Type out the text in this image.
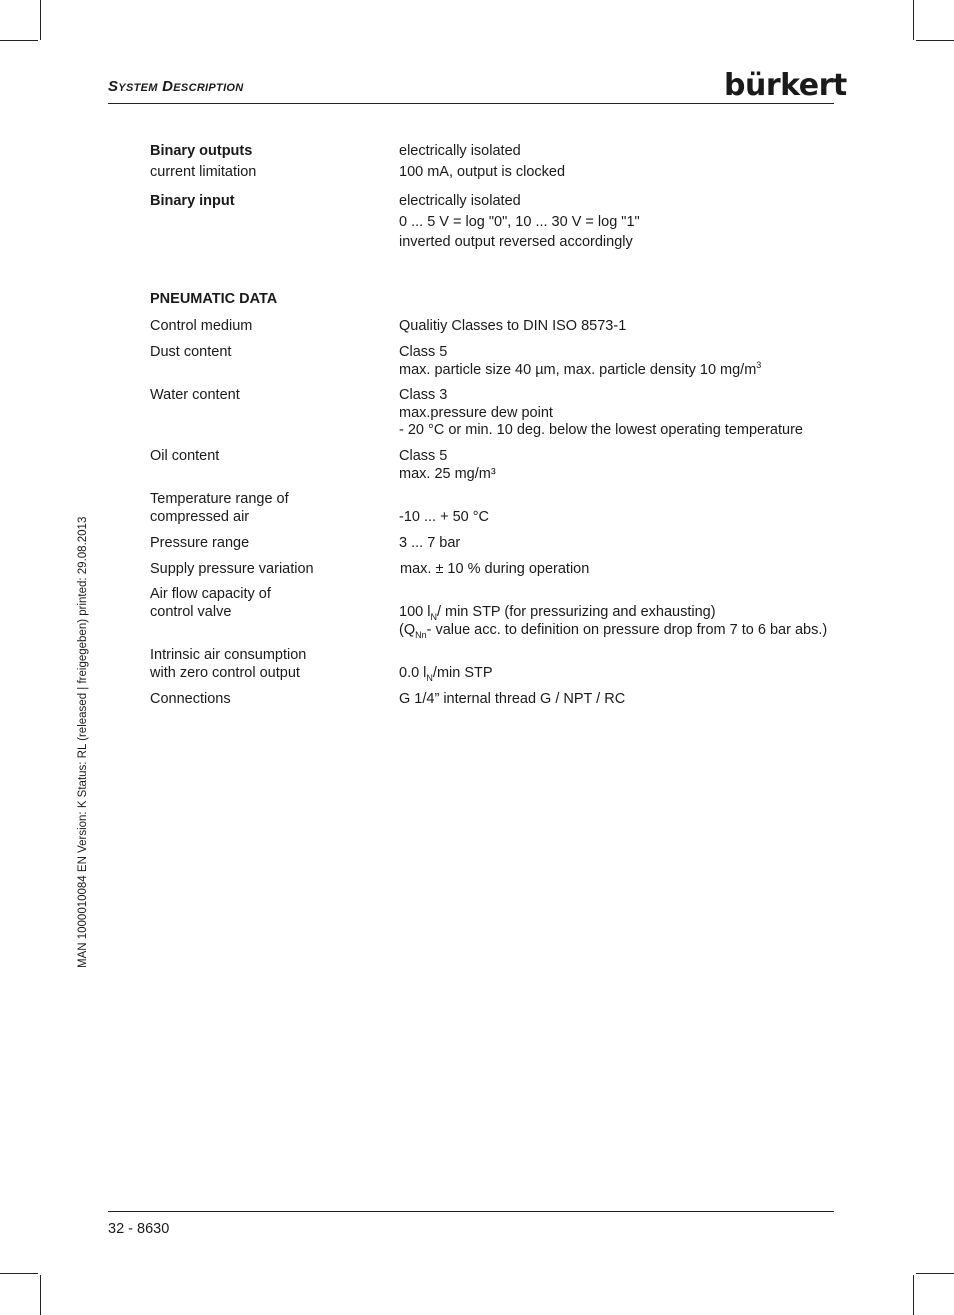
System Description	bürkert
Binary outputs	electrically isolated
current limitation	100 mA, output is clocked
Binary input	electrically isolated
0 ... 5 V = log "0", 10 ... 30 V = log "1"
inverted output reversed accordingly
PNEUMATIC DATA
Control medium	Qualitiy Classes to DIN ISO 8573-1
Dust content	Class 5
max. particle size 40 µm, max. particle density 10 $mg/m^3$
Water content	Class 3
max.pressure dew point
- 20 °C or min. 10 deg. below the lowest operating temperature
Oil content	Class 5
max. 25 mg/m³
Temperature range of
compressed air	-10 ... + 50 °C
Pressure range	3 ... 7 bar
Supply pressure variation	max. ± 10 % during operation
Air flow capacity of
control valve	100 $l_N/$ min STP (for pressurizing and exhausting)
($Q_{Nn}-$ value acc. to definition on pressure drop from 7 to 6 bar abs.)
Intrinsic air consumption
with zero control output	0.0 $l_N/\min$ STP
Connections	G 1/4” internal thread G / NPT / RC
MAN 1000010084 EN Version: K Status: RL (released | freigegeben) printed: 29.08.2013
32 - 8630
